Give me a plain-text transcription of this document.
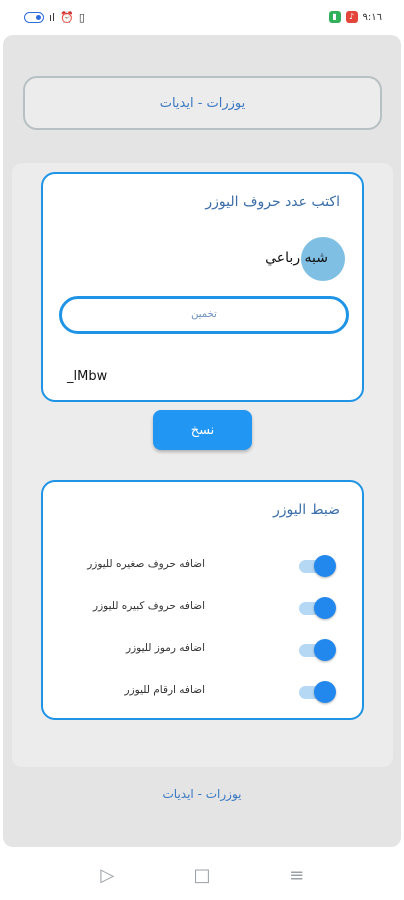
ıl ⏰ ▯	▮	♪ ٩:١٦
يوزرات - ايديات
اكتب عدد حروف اليوزر
شبه رباعي
تخمين
_lMbw
نسخ
ضبط اليوزر
اضافه حروف صغيره لليوزر
اضافه حروف كبيره لليوزر
اضافه رموز لليوزر
اضافه ارقام لليوزر
يوزرات - ايديات
▷	□	≡
